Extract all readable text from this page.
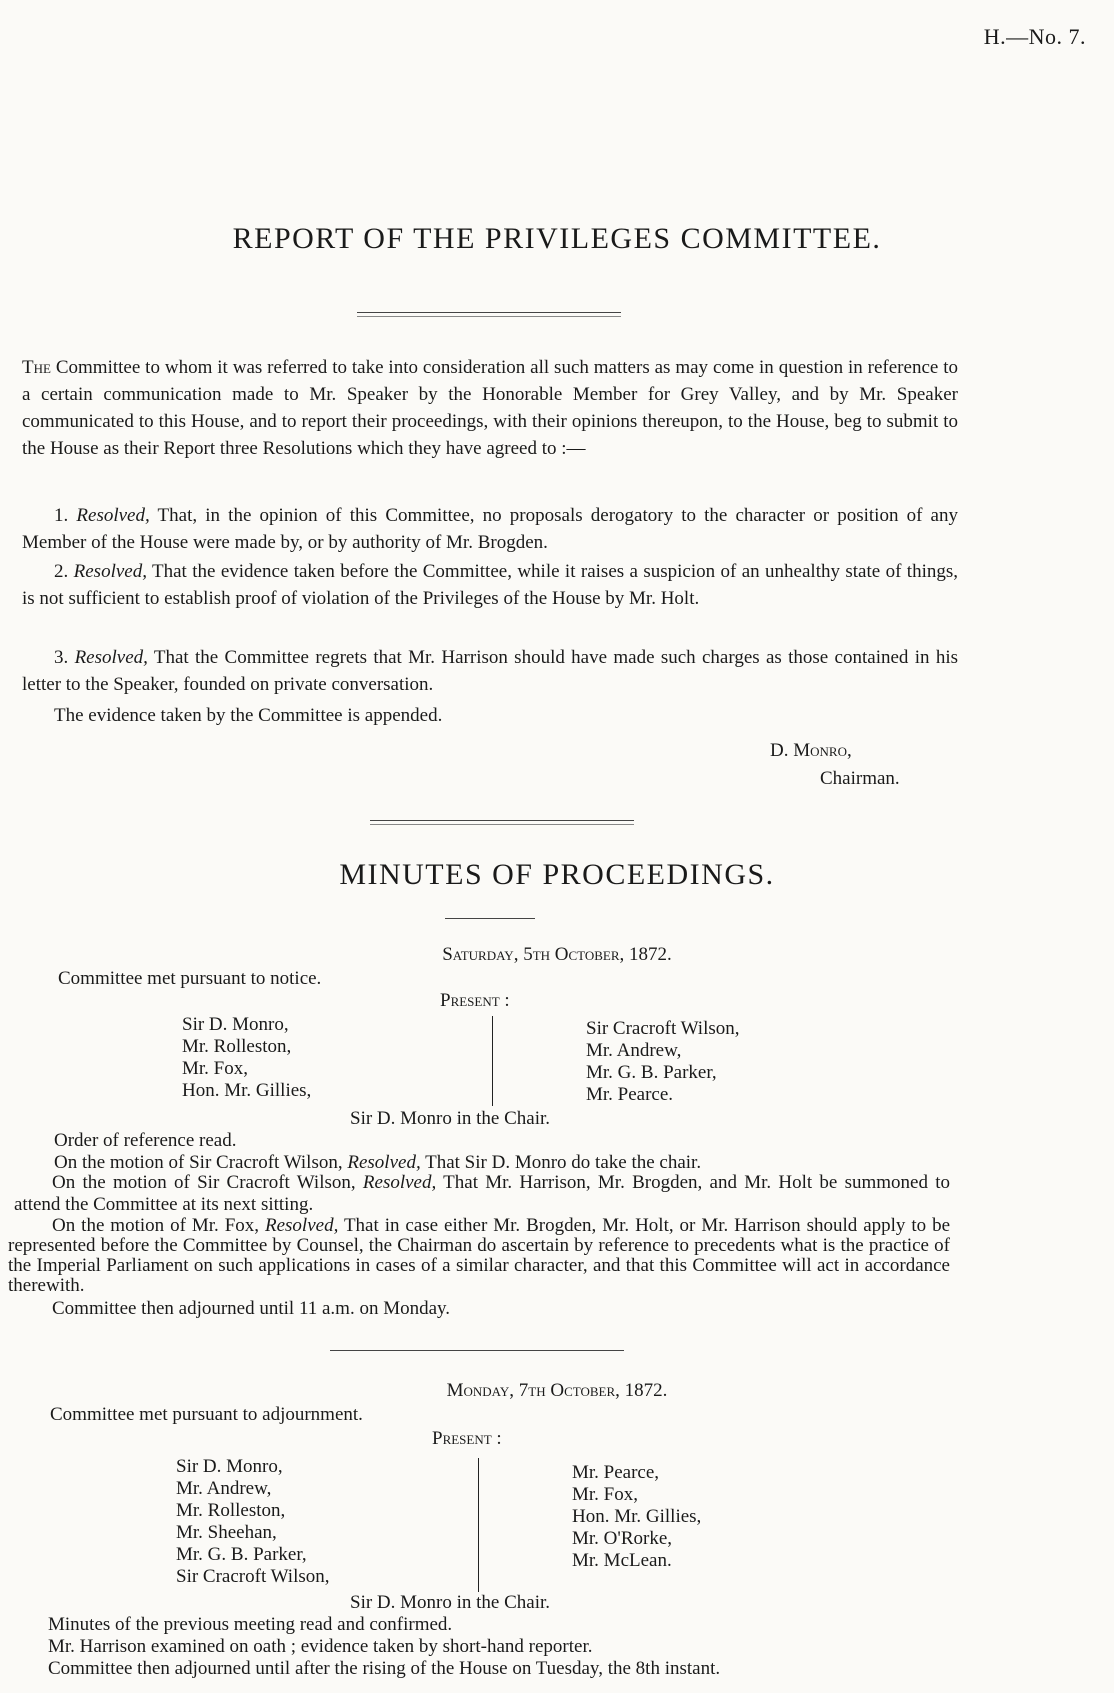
H.—No. 7.
REPORT OF THE PRIVILEGES COMMITTEE.
The Committee to whom it was referred to take into consideration all such matters as may come in question in reference to a certain communication made to Mr. Speaker by the Honorable Member for Grey Valley, and by Mr. Speaker communicated to this House, and to report their proceedings, with their opinions thereupon, to the House, beg to submit to the House as their Report three Resolutions which they have agreed to :—
1. Resolved, That, in the opinion of this Committee, no proposals derogatory to the character or position of any Member of the House were made by, or by authority of Mr. Brogden.
2. Resolved, That the evidence taken before the Committee, while it raises a suspicion of an unhealthy state of things, is not sufficient to establish proof of violation of the Privileges of the House by Mr. Holt.
3. Resolved, That the Committee regrets that Mr. Harrison should have made such charges as those contained in his letter to the Speaker, founded on private conversation.
The evidence taken by the Committee is appended.
D. Monro,
Chairman.
MINUTES OF PROCEEDINGS.
Saturday, 5th October, 1872.
Committee met pursuant to notice.
Present :
Sir D. Monro,
Mr. Rolleston,
Mr. Fox,
Hon. Mr. Gillies,
Sir Cracroft Wilson,
Mr. Andrew,
Mr. G. B. Parker,
Mr. Pearce.
Sir D. Monro in the Chair.
Order of reference read.
On the motion of Sir Cracroft Wilson, Resolved, That Sir D. Monro do take the chair.
On the motion of Sir Cracroft Wilson, Resolved, That Mr. Harrison, Mr. Brogden, and Mr. Holt be summoned to attend the Committee at its next sitting.
On the motion of Mr. Fox, Resolved, That in case either Mr. Brogden, Mr. Holt, or Mr. Harrison should apply to be represented before the Committee by Counsel, the Chairman do ascertain by reference to precedents what is the practice of the Imperial Parliament on such applications in cases of a similar character, and that this Committee will act in accordance therewith.
Committee then adjourned until 11 a.m. on Monday.
Monday, 7th October, 1872.
Committee met pursuant to adjournment.
Present :
Sir D. Monro,
Mr. Andrew,
Mr. Rolleston,
Mr. Sheehan,
Mr. G. B. Parker,
Sir Cracroft Wilson,
Mr. Pearce,
Mr. Fox,
Hon. Mr. Gillies,
Mr. O'Rorke,
Mr. McLean.
Sir D. Monro in the Chair.
Minutes of the previous meeting read and confirmed.
Mr. Harrison examined on oath ; evidence taken by short-hand reporter.
Committee then adjourned until after the rising of the House on Tuesday, the 8th instant.
